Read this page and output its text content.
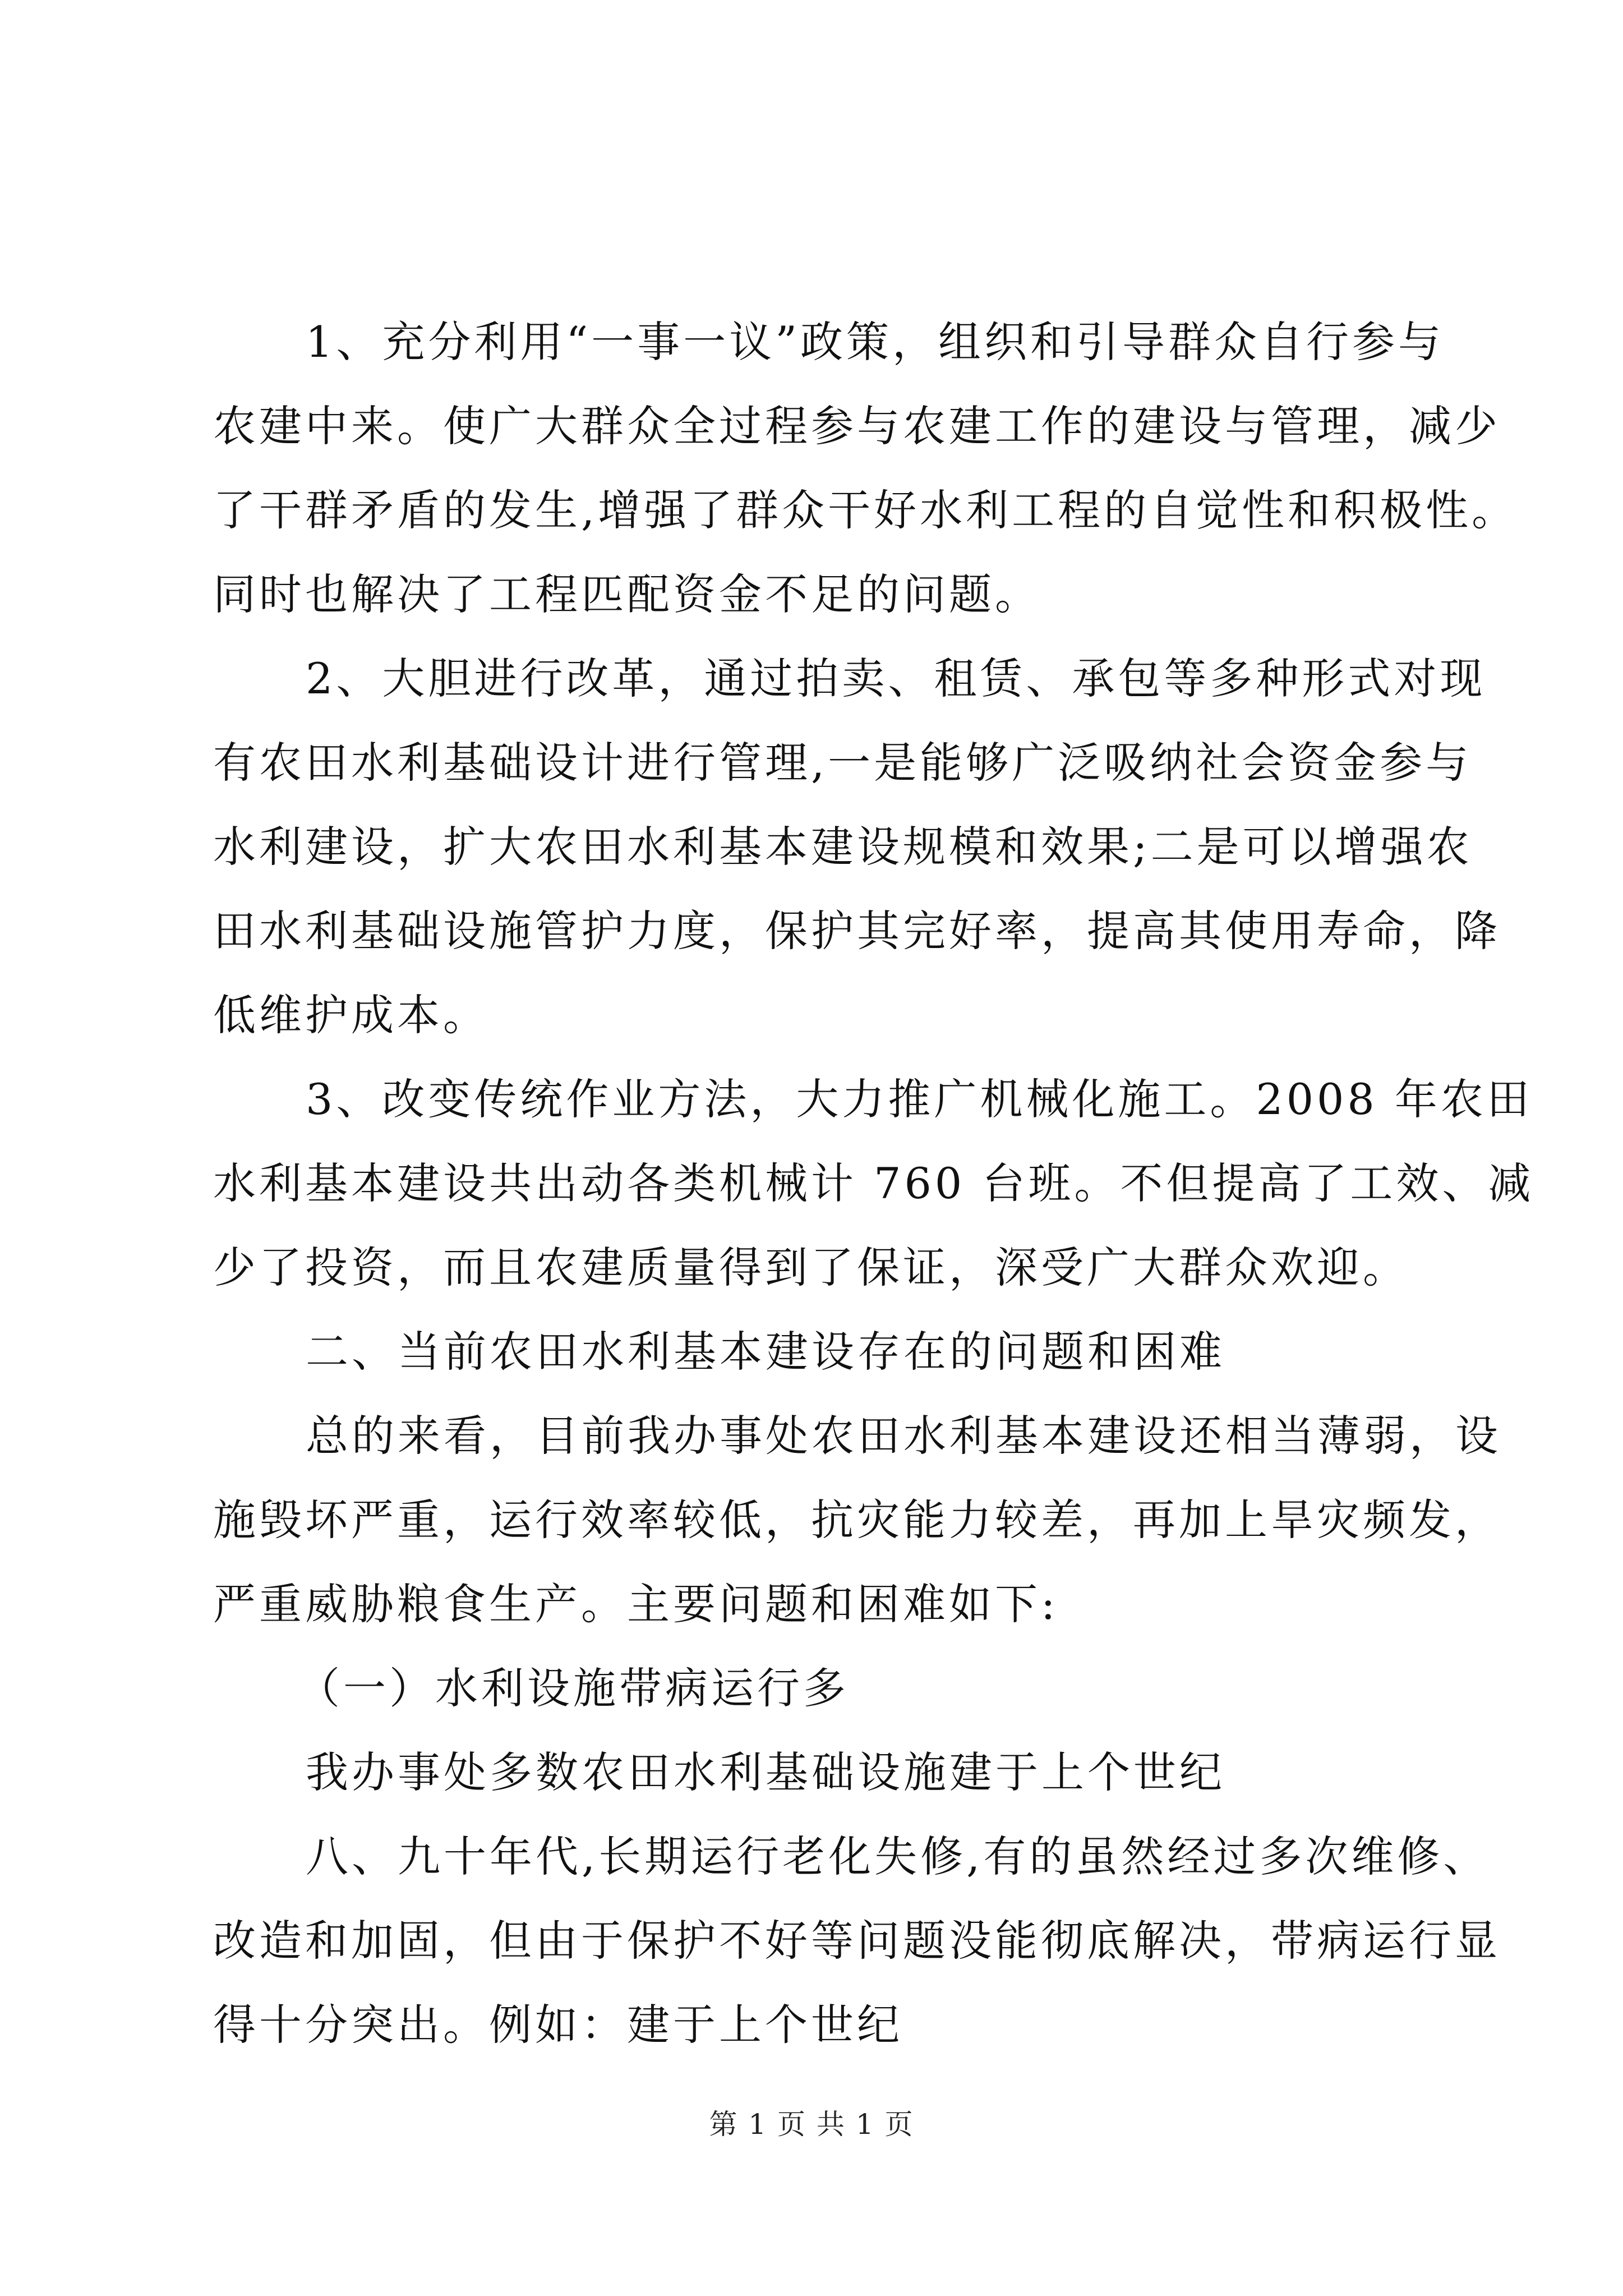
1、充分利用“一事一议”政策，组织和引导群众自行参与
农建中来。使广大群众全过程参与农建工作的建设与管理，减少
了干群矛盾的发生,增强了群众干好水利工程的自觉性和积极性。
同时也解决了工程匹配资金不足的问题。
2、大胆进行改革，通过拍卖、租赁、承包等多种形式对现
有农田水利基础设计进行管理,一是能够广泛吸纳社会资金参与
水利建设，扩大农田水利基本建设规模和效果;二是可以增强农
田水利基础设施管护力度，保护其完好率，提高其使用寿命，降
低维护成本。
3、改变传统作业方法，大力推广机械化施工。2008 年农田
水利基本建设共出动各类机械计 760 台班。不但提高了工效、减
少了投资，而且农建质量得到了保证，深受广大群众欢迎。
二、当前农田水利基本建设存在的问题和困难
总的来看，目前我办事处农田水利基本建设还相当薄弱，设
施毁坏严重，运行效率较低，抗灾能力较差，再加上旱灾频发，
严重威胁粮食生产。主要问题和困难如下:
（一）水利设施带病运行多
我办事处多数农田水利基础设施建于上个世纪
八、九十年代,长期运行老化失修,有的虽然经过多次维修、
改造和加固，但由于保护不好等问题没能彻底解决，带病运行显
得十分突出。例如：建于上个世纪
第 1 页 共 1 页
